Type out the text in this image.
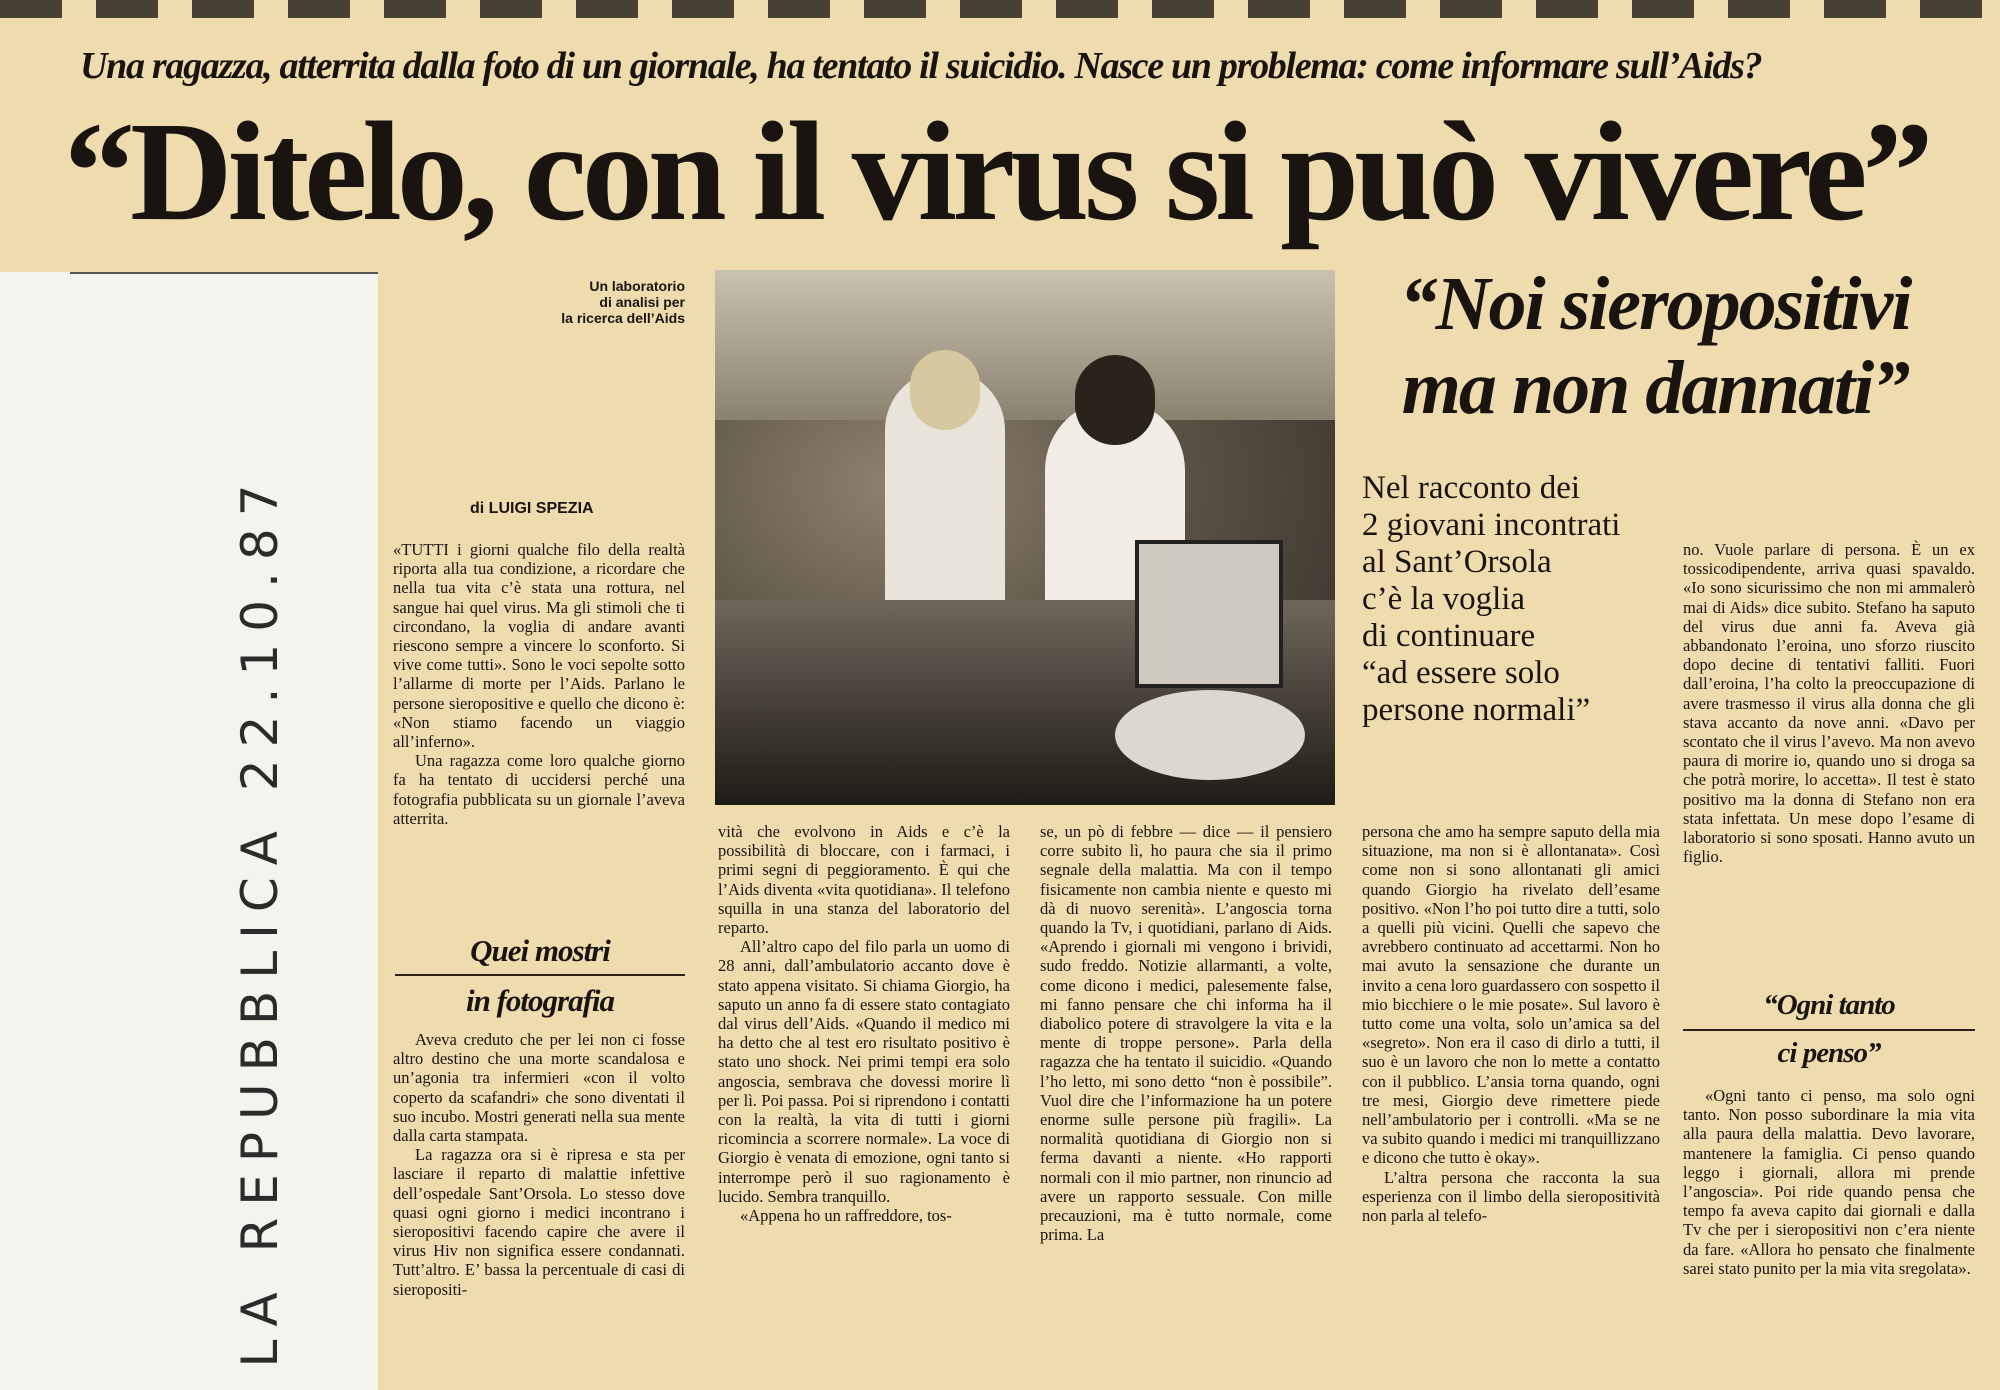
Una ragazza, atterrita dalla foto di un giornale, ha tentato il suicidio. Nasce un problema: come informare sull’Aids?
“Ditelo, con il virus si può vivere”
LA REPUBBLICA 22.10.87
Un laboratorio
di analisi per
la ricerca dell’Aids
di LUIGI SPEZIA

«TUTTI i giorni qualche filo della realtà riporta alla tua condizione, a ricordare che nella tua vita c’è stata una rottura, nel sangue hai quel virus. Ma gli stimoli che ti circondano, la voglia di andare avanti riescono sempre a vincere lo sconforto. Si vive come tutti». Sono le voci sepolte sotto l’allarme di morte per l’Aids. Parlano le persone sieropositive e quello che dicono è: «Non stiamo facendo un viaggio all’inferno».

Una ragazza come loro qualche giorno fa ha tentato di uccidersi perché una fotografia pubblicata su un giornale l’aveva atterrita.

Quei mostri
in fotografia

Aveva creduto che per lei non ci fosse altro destino che una morte scandalosa e un’agonia tra infermieri «con il volto coperto da scafandri» che sono diventati il suo incubo. Mostri generati nella sua mente dalla carta stampata.

La ragazza ora si è ripresa e sta per lasciare il reparto di malattie infettive dell’ospedale Sant’Orsola. Lo stesso dove quasi ogni giorno i medici incontrano i sieropositivi facendo capire che avere il virus Hiv non significa essere condannati. Tutt’altro. E’ bassa la percentuale di casi di sieropositi-

vità che evolvono in Aids e c’è la possibilità di bloccare, con i farmaci, i primi segni di peggioramento. È qui che l’Aids diventa «vita quotidiana». Il telefono squilla in una stanza del laboratorio del reparto.

All’altro capo del filo parla un uomo di 28 anni, dall’ambulatorio accanto dove è stato appena visitato. Si chiama Giorgio, ha saputo un anno fa di essere stato contagiato dal virus dell’Aids. «Quando il medico mi ha detto che al test ero risultato positivo è stato uno shock. Nei primi tempi era solo angoscia, sembrava che dovessi morire lì per lì. Poi passa. Poi si riprendono i contatti con la realtà, la vita di tutti i giorni ricomincia a scorrere normale». La voce di Giorgio è venata di emozione, ogni tanto si interrompe però il suo ragionamento è lucido. Sembra tranquillo.

«Appena ho un raffreddore, tos-

se, un pò di febbre — dice — il pensiero corre subito lì, ho paura che sia il primo segnale della malattia. Ma con il tempo fisicamente non cambia niente e questo mi dà di nuovo serenità». L’angoscia torna quando la Tv, i quotidiani, parlano di Aids. «Aprendo i giornali mi vengono i brividi, sudo freddo. Notizie allarmanti, a volte, come dicono i medici, palesemente false, mi fanno pensare che chi informa ha il diabolico potere di stravolgere la vita e la mente di troppe persone». Parla della ragazza che ha tentato il suicidio. «Quando l’ho letto, mi sono detto “non è possibile”. Vuol dire che l’informazione ha un potere enorme sulle persone più fragili». La normalità quotidiana di Giorgio non si ferma davanti a niente. «Ho rapporti normali con il mio partner, non rinuncio ad avere un rapporto sessuale. Con mille precauzioni, ma è tutto normale, come prima. La

“Noi sieropositivi
ma non dannati”
Nel racconto dei
2 giovani incontrati
al Sant’Orsola
c’è la voglia
di continuare
“ad essere solo
persone normali”

persona che amo ha sempre saputo della mia situazione, ma non si è allontanata». Così come non si sono allontanati gli amici quando Giorgio ha rivelato dell’esame positivo. «Non l’ho poi tutto dire a tutti, solo a quelli più vicini. Quelli che sapevo che avrebbero continuato ad accettarmi. Non ho mai avuto la sensazione che durante un invito a cena loro guardassero con sospetto il mio bicchiere o le mie posate». Sul lavoro è tutto come una volta, solo un’amica sa del «segreto». Non era il caso di dirlo a tutti, il suo è un lavoro che non lo mette a contatto con il pubblico. L’ansia torna quando, ogni tre mesi, Giorgio deve rimettere piede nell’ambulatorio per i controlli. «Ma se ne va subito quando i medici mi tranquillizzano e dicono che tutto è okay».

L’altra persona che racconta la sua esperienza con il limbo della sieropositività non parla al telefo-

no. Vuole parlare di persona. È un ex tossicodipendente, arriva quasi spavaldo. «Io sono sicurissimo che non mi ammalerò mai di Aids» dice subito. Stefano ha saputo del virus due anni fa. Aveva già abbandonato l’eroina, uno sforzo riuscito dopo decine di tentativi falliti. Fuori dall’eroina, l’ha colto la preoccupazione di avere trasmesso il virus alla donna che gli stava accanto da nove anni. «Davo per scontato che il virus l’avevo. Ma non avevo paura di morire io, quando uno si droga sa che potrà morire, lo accetta». Il test è stato positivo ma la donna di Stefano non era stata infettata. Un mese dopo l’esame di laboratorio si sono sposati. Hanno avuto un figlio.

“Ogni tanto
ci penso”

«Ogni tanto ci penso, ma solo ogni tanto. Non posso subordinare la mia vita alla paura della malattia. Devo lavorare, mantenere la famiglia. Ci penso quando leggo i giornali, allora mi prende l’angoscia». Poi ride quando pensa che tempo fa aveva capito dai giornali e dalla Tv che per i sieropositivi non c’era niente da fare. «Allora ho pensato che finalmente sarei stato punito per la mia vita sregolata».
